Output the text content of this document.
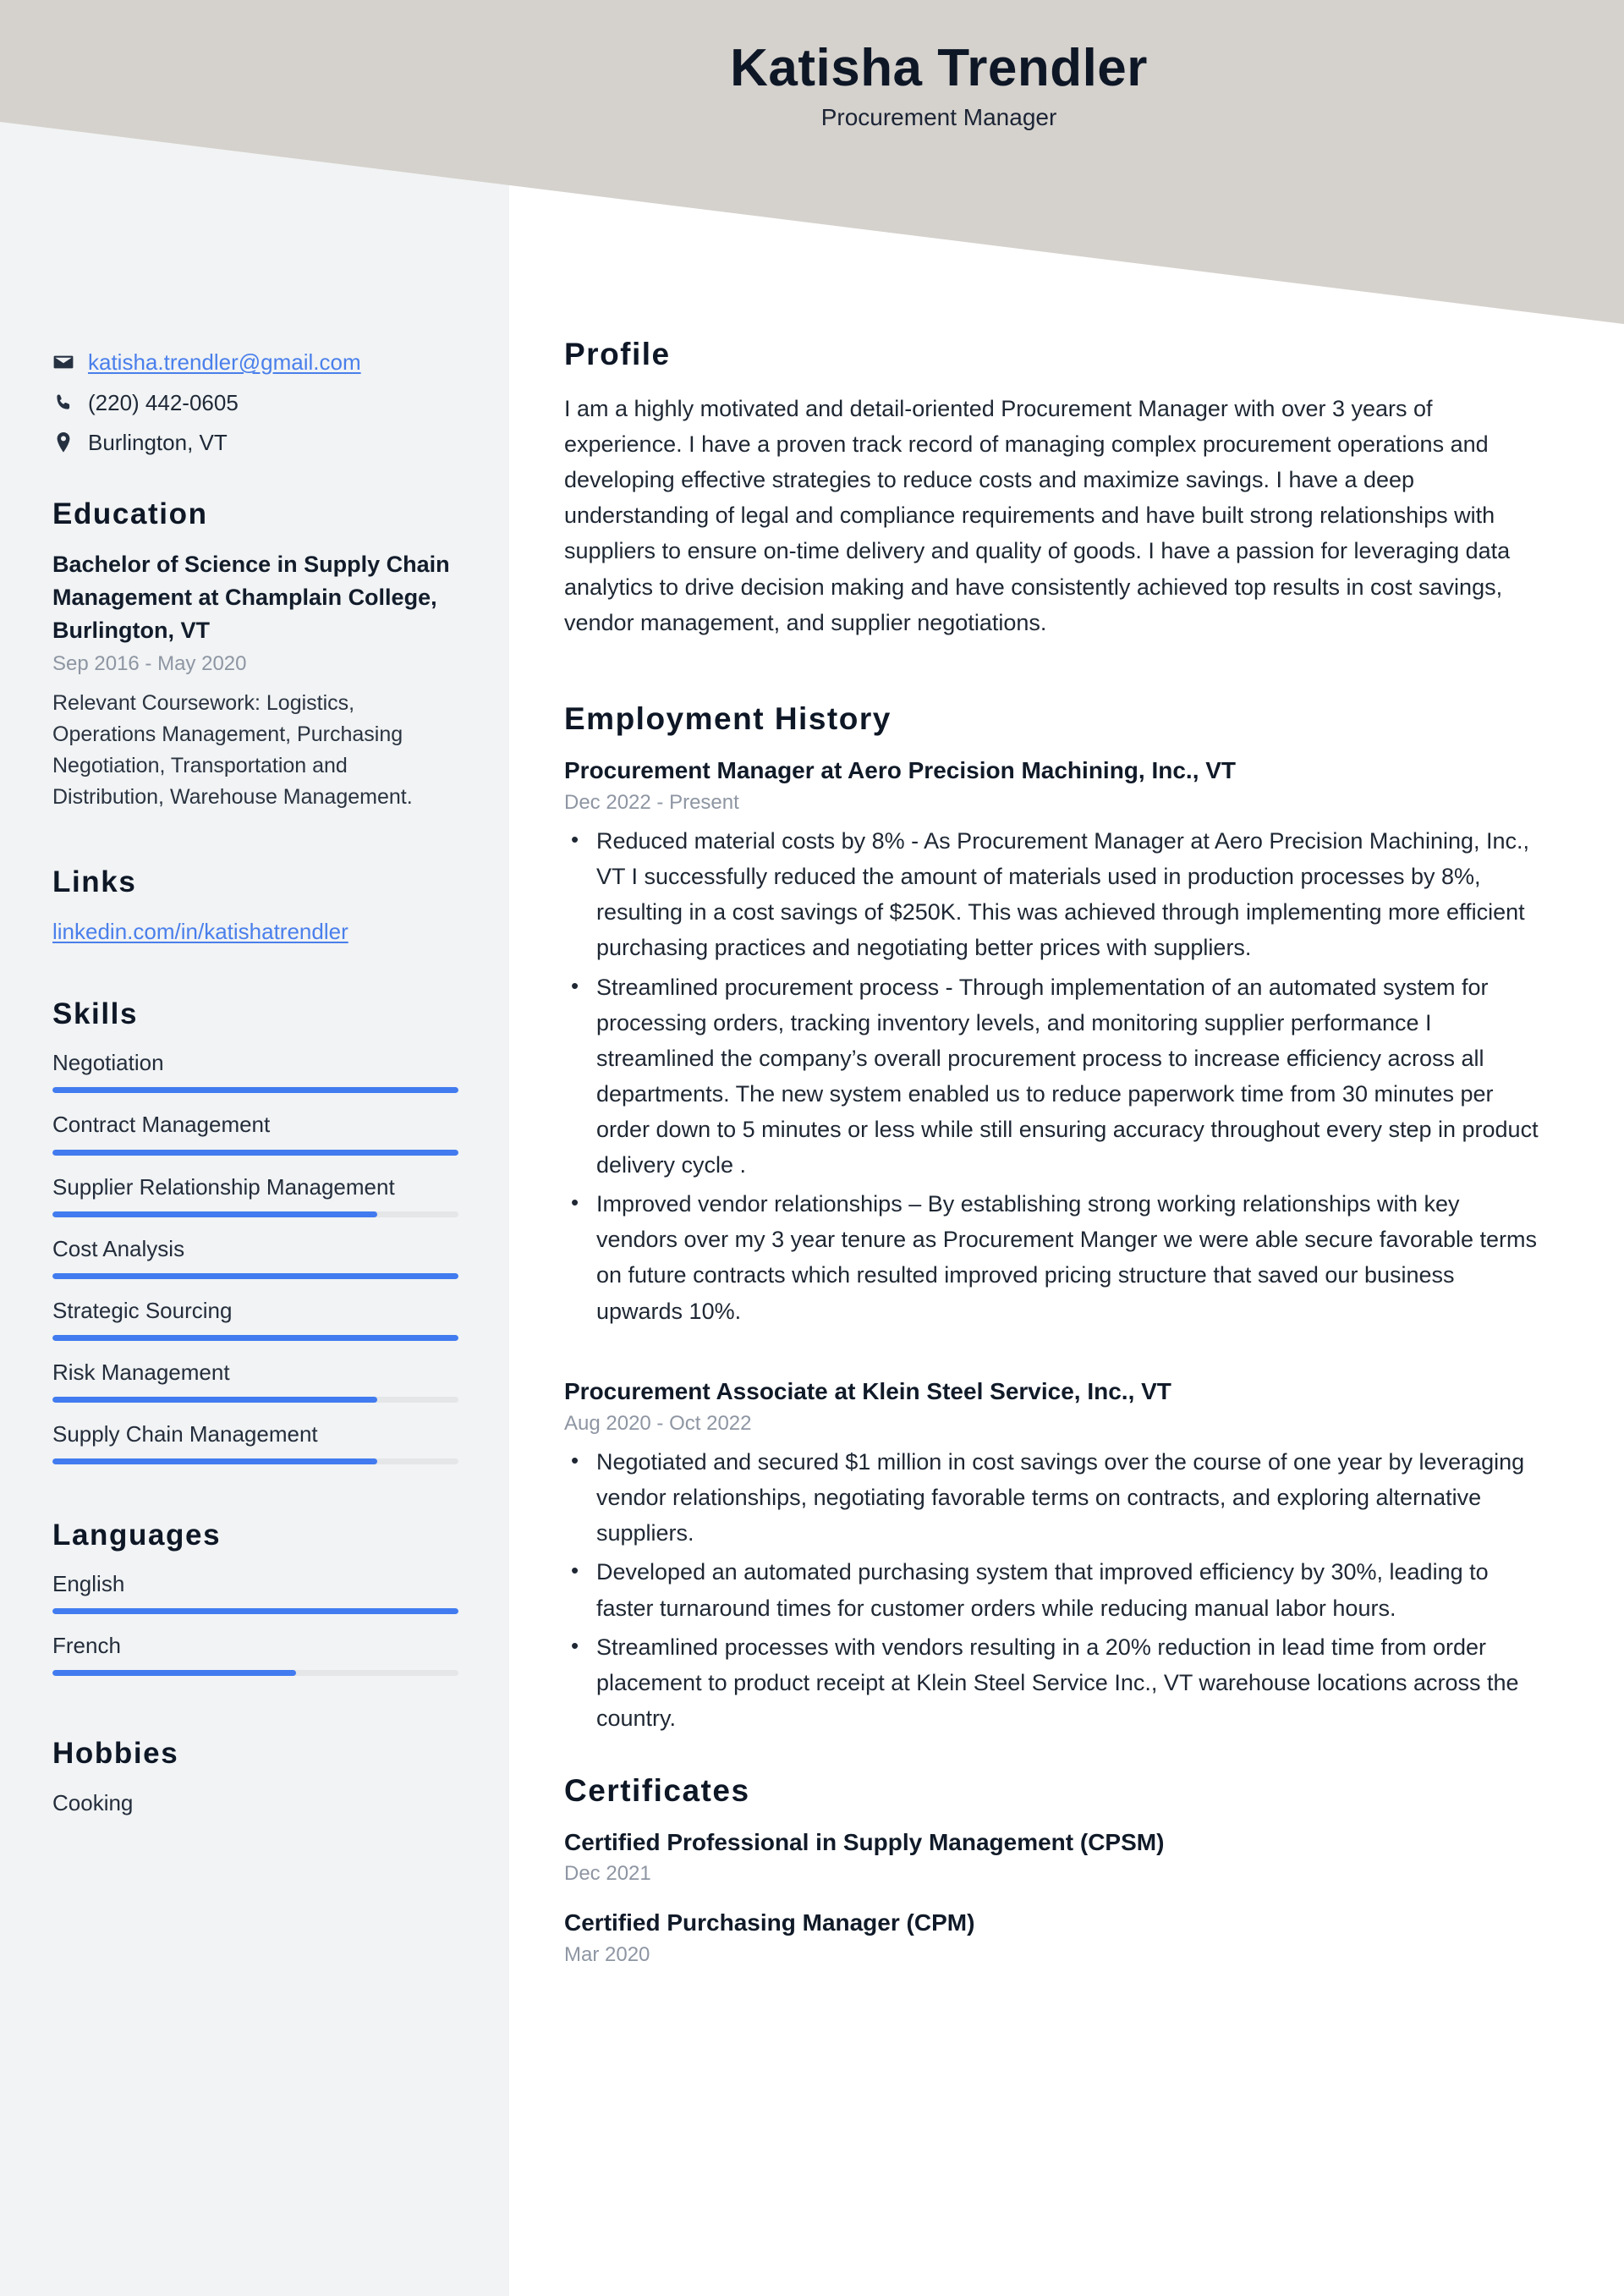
Katisha Trendler
Procurement Manager
katisha.trendler@gmail.com
(220) 442-0605
Burlington, VT
Education
Bachelor of Science in Supply Chain Management at Champlain College, Burlington, VT
Sep 2016 - May 2020
Relevant Coursework: Logistics, Operations Management, Purchasing Negotiation, Transportation and Distribution, Warehouse Management.
Links
linkedin.com/in/katishatrendler
Skills
Negotiation
Contract Management
Supplier Relationship Management
Cost Analysis
Strategic Sourcing
Risk Management
Supply Chain Management
Languages
English
French
Hobbies
Cooking
Profile

I am a highly motivated and detail-oriented Procurement Manager with over 3 years of experience. I have a proven track record of managing complex procurement operations and developing effective strategies to reduce costs and maximize savings. I have a deep understanding of legal and compliance requirements and have built strong relationships with suppliers to ensure on-time delivery and quality of goods. I have a passion for leveraging data analytics to drive decision making and have consistently achieved top results in cost savings, vendor management, and supplier negotiations.

Employment History
Procurement Manager at Aero Precision Machining, Inc., VT
Dec 2022 - Present
• Reduced material costs by 8% - As Procurement Manager at Aero Precision Machining, Inc., VT I successfully reduced the amount of materials used in production processes by 8%, resulting in a cost savings of $250K. This was achieved through implementing more efficient purchasing practices and negotiating better prices with suppliers.
• Streamlined procurement process - Through implementation of an automated system for processing orders, tracking inventory levels, and monitoring supplier performance I streamlined the company’s overall procurement process to increase efficiency across all departments. The new system enabled us to reduce paperwork time from 30 minutes per order down to 5 minutes or less while still ensuring accuracy throughout every step in product delivery cycle .
• Improved vendor relationships – By establishing strong working relationships with key vendors over my 3 year tenure as Procurement Manger we were able secure favorable terms on future contracts which resulted improved pricing structure that saved our business upwards 10%.
Procurement Associate at Klein Steel Service, Inc., VT
Aug 2020 - Oct 2022
• Negotiated and secured $1 million in cost savings over the course of one year by leveraging vendor relationships, negotiating favorable terms on contracts, and exploring alternative suppliers.
• Developed an automated purchasing system that improved efficiency by 30%, leading to faster turnaround times for customer orders while reducing manual labor hours.
• Streamlined processes with vendors resulting in a 20% reduction in lead time from order placement to product receipt at Klein Steel Service Inc., VT warehouse locations across the country.
Certificates
Certified Professional in Supply Management (CPSM)
Dec 2021
Certified Purchasing Manager (CPM)
Mar 2020
